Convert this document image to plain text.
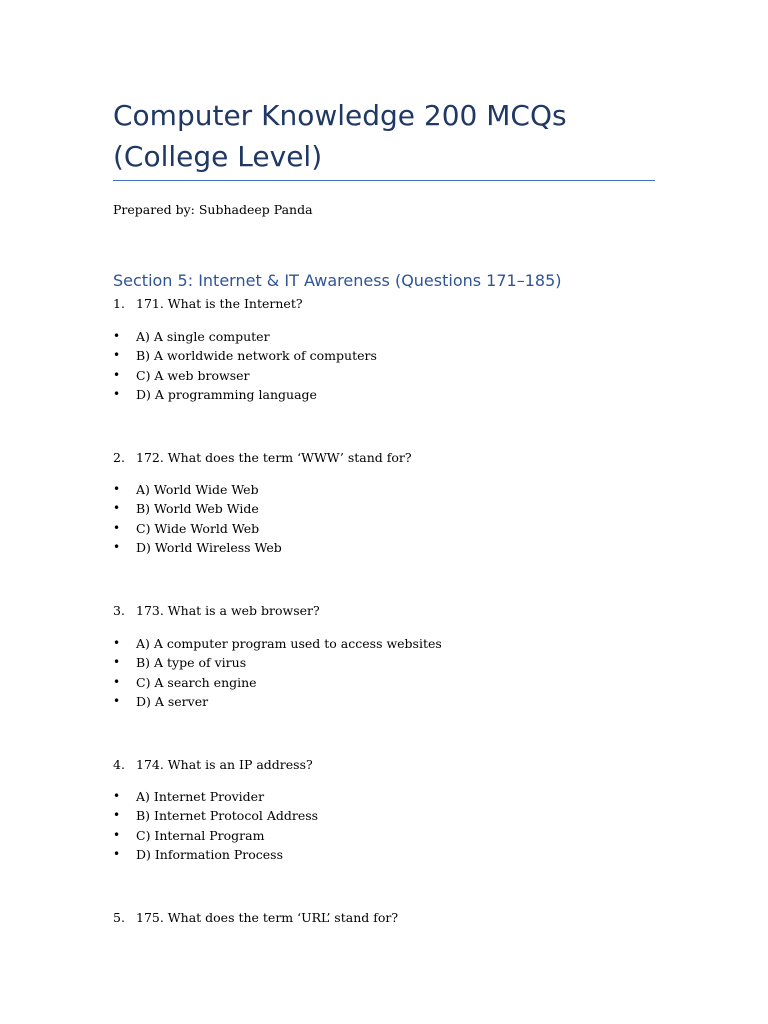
Computer Knowledge 200 MCQs (College Level)
Prepared by: Subhadeep Panda
Section 5: Internet & IT Awareness (Questions 171–185)
1. 171. What is the Internet?
• A) A single computer
• B) A worldwide network of computers
• C) A web browser
• D) A programming language
2. 172. What does the term ‘WWW’ stand for?
• A) World Wide Web
• B) World Web Wide
• C) Wide World Web
• D) World Wireless Web
3. 173. What is a web browser?
• A) A computer program used to access websites
• B) A type of virus
• C) A search engine
• D) A server
4. 174. What is an IP address?
• A) Internet Provider
• B) Internet Protocol Address
• C) Internal Program
• D) Information Process
5. 175. What does the term ‘URL’ stand for?
